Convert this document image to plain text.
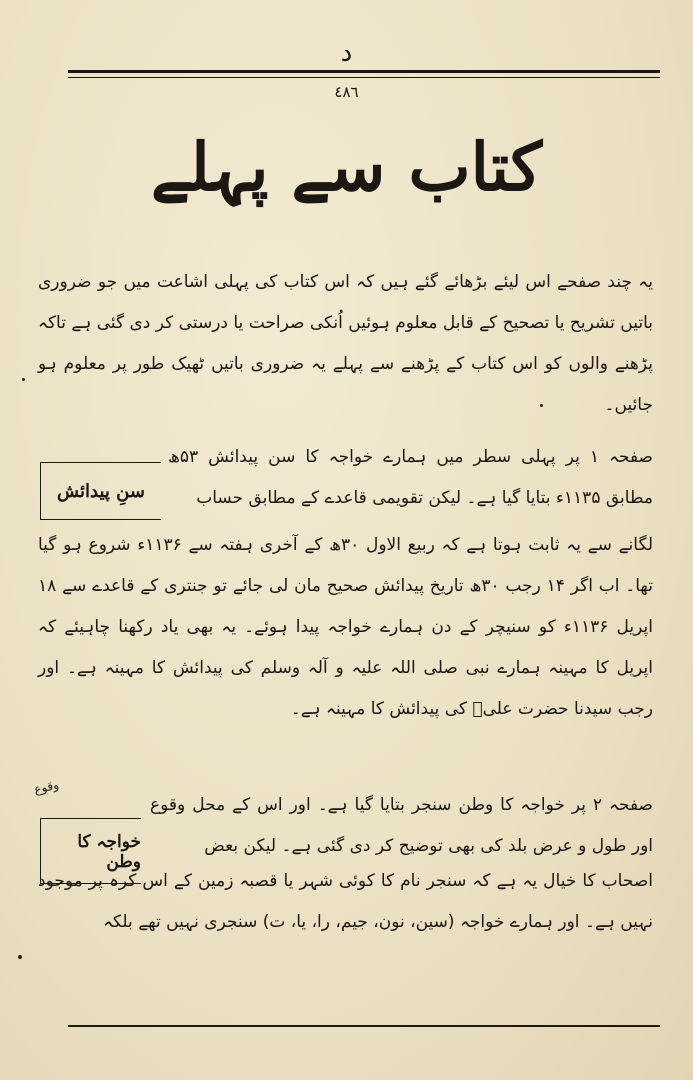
د
٤٨٦
کتاب سے پہلے

یہ چند صفحے اس لیئے بڑھائے گئے ہیں کہ اس کتاب کی پہلی اشاعت میں جو ضروری باتیں تشریح یا تصحیح کے قابل معلوم ہوئیں اُنکی صراحت یا درستی کر دی گئی ہے تاکہ پڑھنے والوں کو اس کتاب کے پڑھنے سے پہلے یہ ضروری باتیں ٹھیک طور پر معلوم ہو جائیں۔

سنِ پیدائش

صفحہ ۱ پر پہلی سطر میں ہمارے خواجہ کا سن پیدائش ۵۳ھ مطابق ۱۱۳۵ء بتایا گیا ہے۔ لیکن تقویمی قاعدے کے مطابق حساب

لگانے سے یہ ثابت ہوتا ہے کہ ربیع الاول ۳۰ھ کے آخری ہفتہ سے ۱۱۳۶ء شروع ہو گیا تھا۔ اب اگر ۱۴ رجب ۳۰ھ تاریخ پیدائش صحیح مان لی جائے تو جنتری کے قاعدے سے ۱۸ اپریل ۱۱۳۶ء کو سنیچر کے دن ہمارے خواجہ پیدا ہوئے۔ یہ بھی یاد رکھنا چاہیئے کہ اپریل کا مہینہ ہمارے نبی صلی اللہ علیہ و آلہ وسلم کی پیدائش کا مہینہ ہے۔ اور رجب سیدنا حضرت علیؑ کی پیدائش کا مہینہ ہے۔

وقوع
خواجہ کا وطن

صفحہ ۲ پر خواجہ کا وطن سنجر بتایا گیا ہے۔ اور اس کے محل وقوع اور طول و عرض بلد کی بھی توضیح کر دی گئی ہے۔ لیکن بعض

اصحاب کا خیال یہ ہے کہ سنجر نام کا کوئی شہر یا قصبہ زمین کے اس کرہ پر موجود نہیں ہے۔ اور ہمارے خواجہ (سین، نون، جیم، را، یا، ت) سنجری نہیں تھے بلکہ
